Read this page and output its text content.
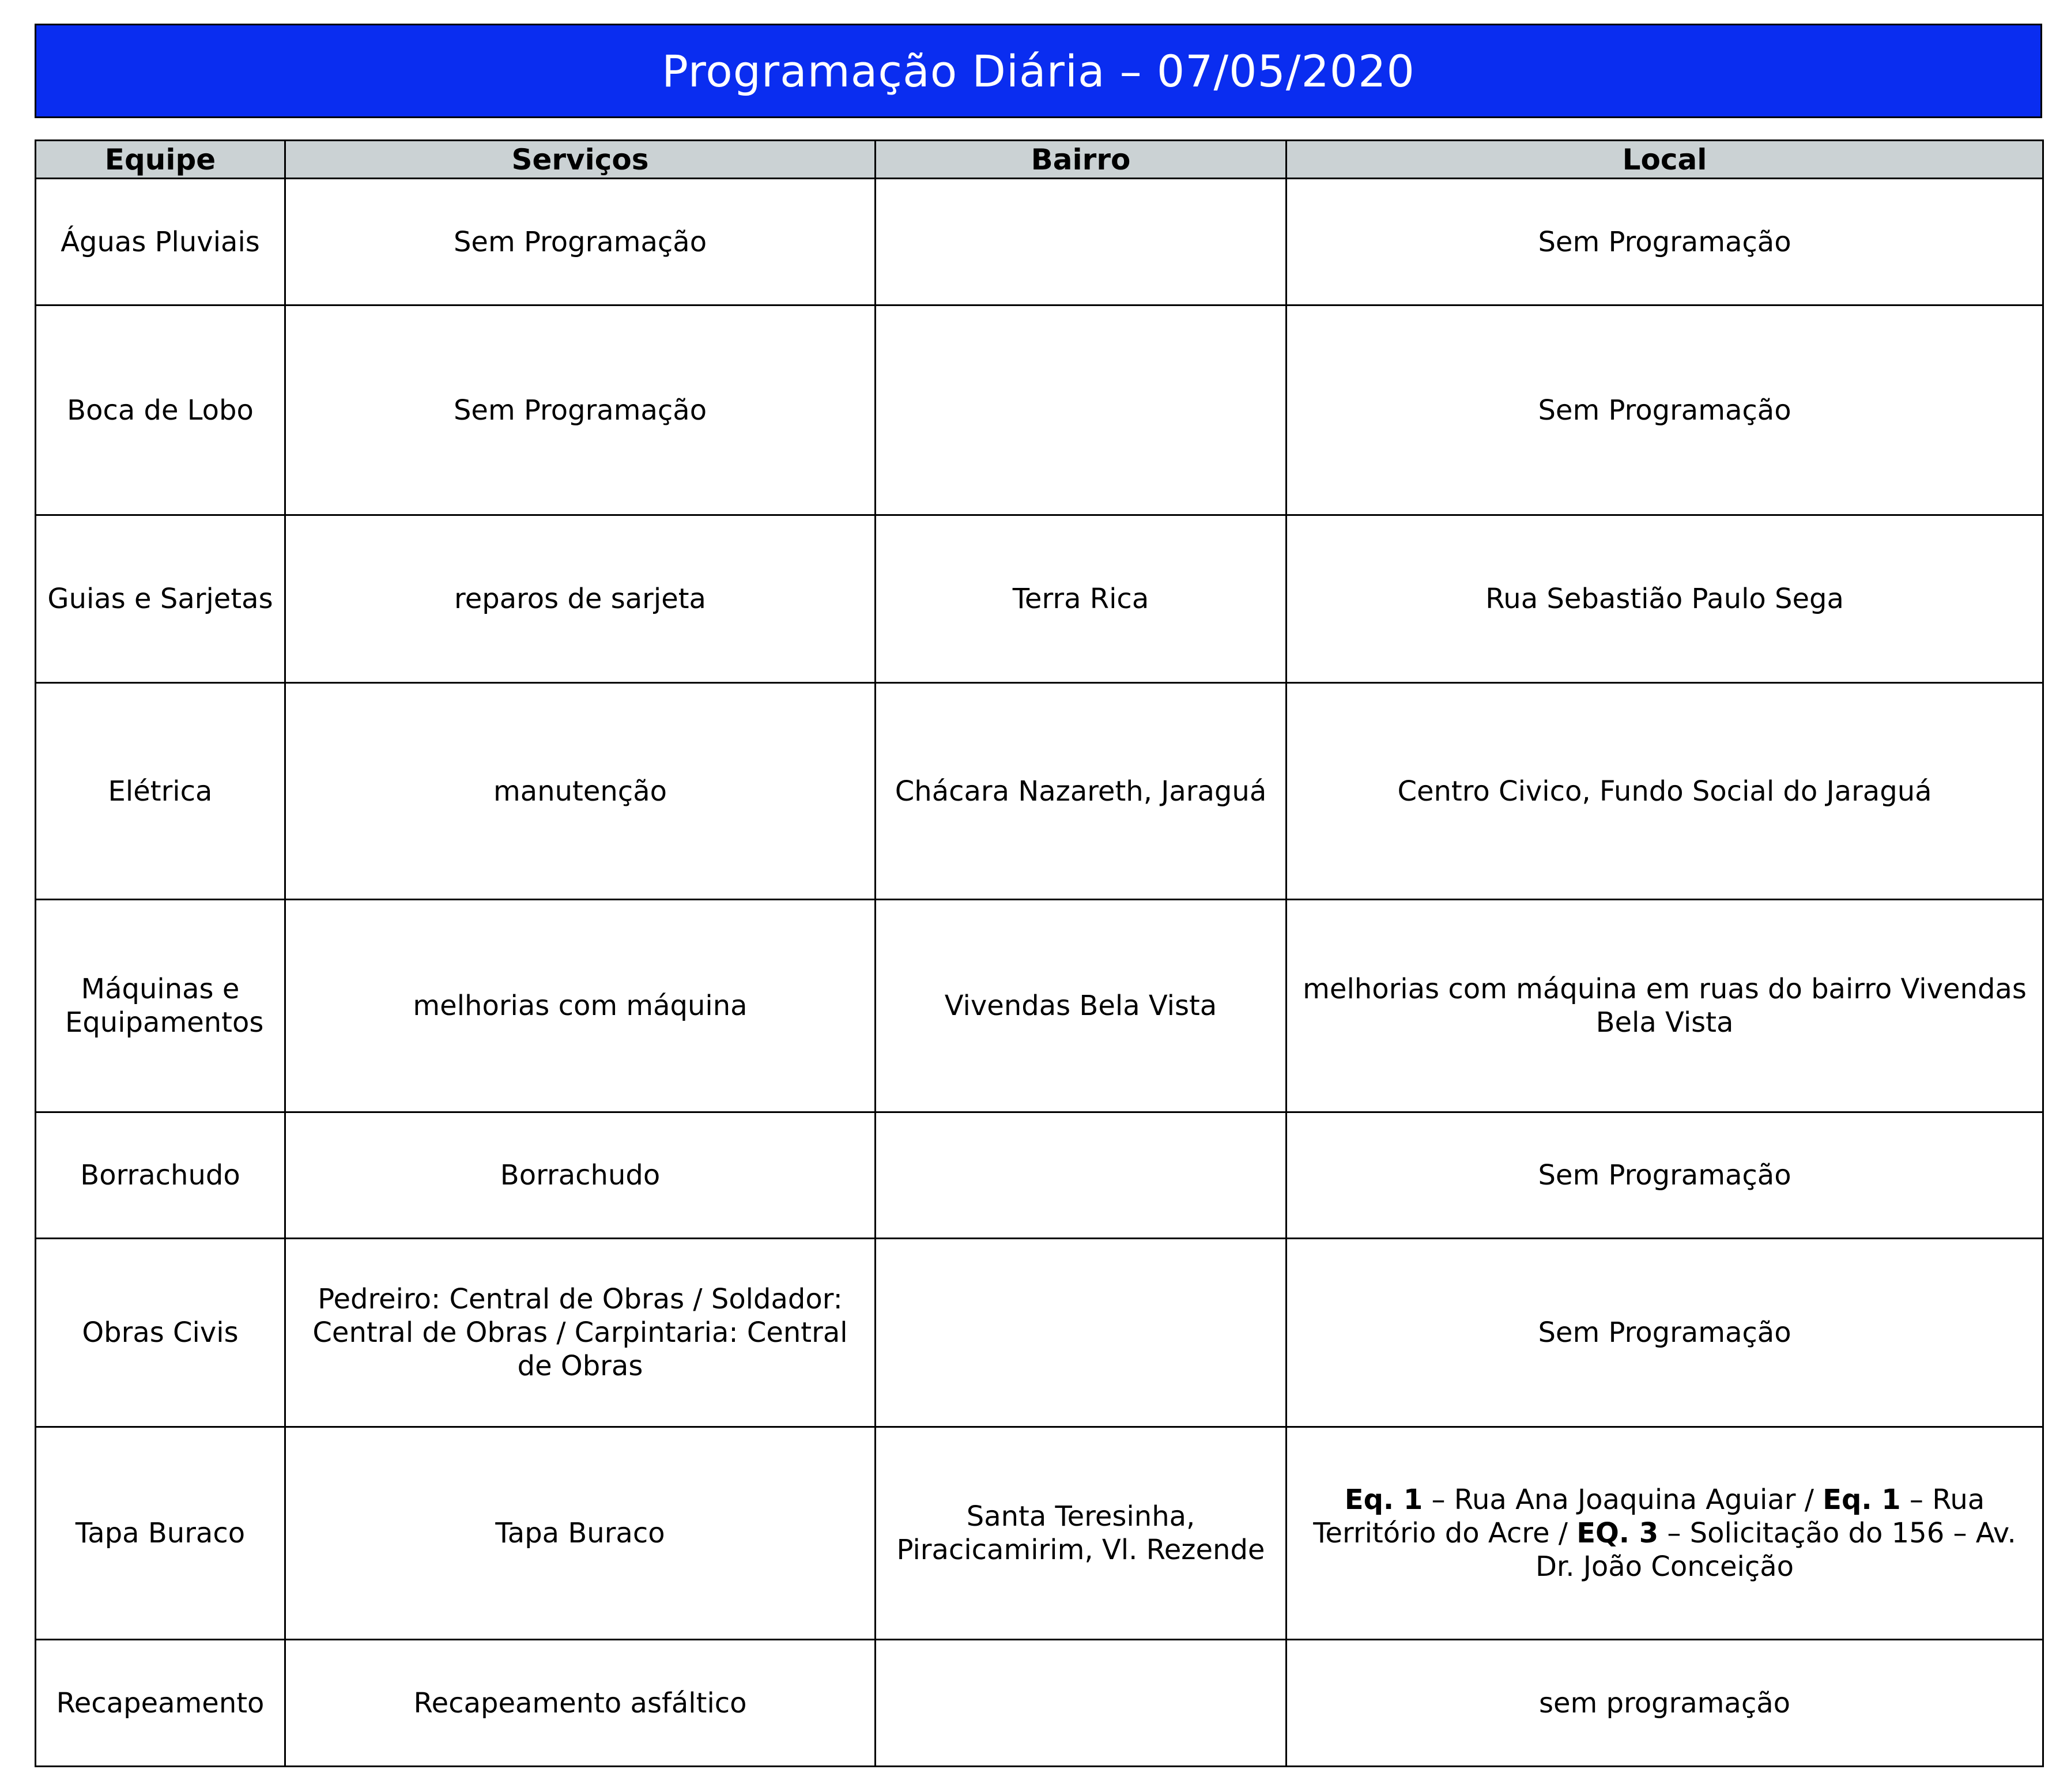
Programação Diária – 07/05/2020
Equipe	Serviços	Bairro	Local
Águas Pluviais	Sem Programação		Sem Programação
Boca de Lobo	Sem Programação		Sem Programação
Guias e Sarjetas	reparos de sarjeta	Terra Rica	Rua Sebastião Paulo Sega
Elétrica	manutenção	Chácara Nazareth, Jaraguá	Centro Civico, Fundo Social do Jaraguá
Máquinas e Equipamentos	melhorias com máquina	Vivendas Bela Vista	melhorias com máquina em ruas do bairro Vivendas Bela Vista
Borrachudo	Borrachudo		Sem Programação
Obras Civis	Pedreiro: Central de Obras / Soldador: Central de Obras / Carpintaria: Central de Obras		Sem Programação
Tapa Buraco	Tapa Buraco	Santa Teresinha, Piracicamirim, Vl. Rezende	Eq. 1 – Rua Ana Joaquina Aguiar / Eq. 1 – Rua Território do Acre / EQ. 3 – Solicitação do 156 – Av. Dr. João Conceição
Recapeamento	Recapeamento asfáltico		sem programação
